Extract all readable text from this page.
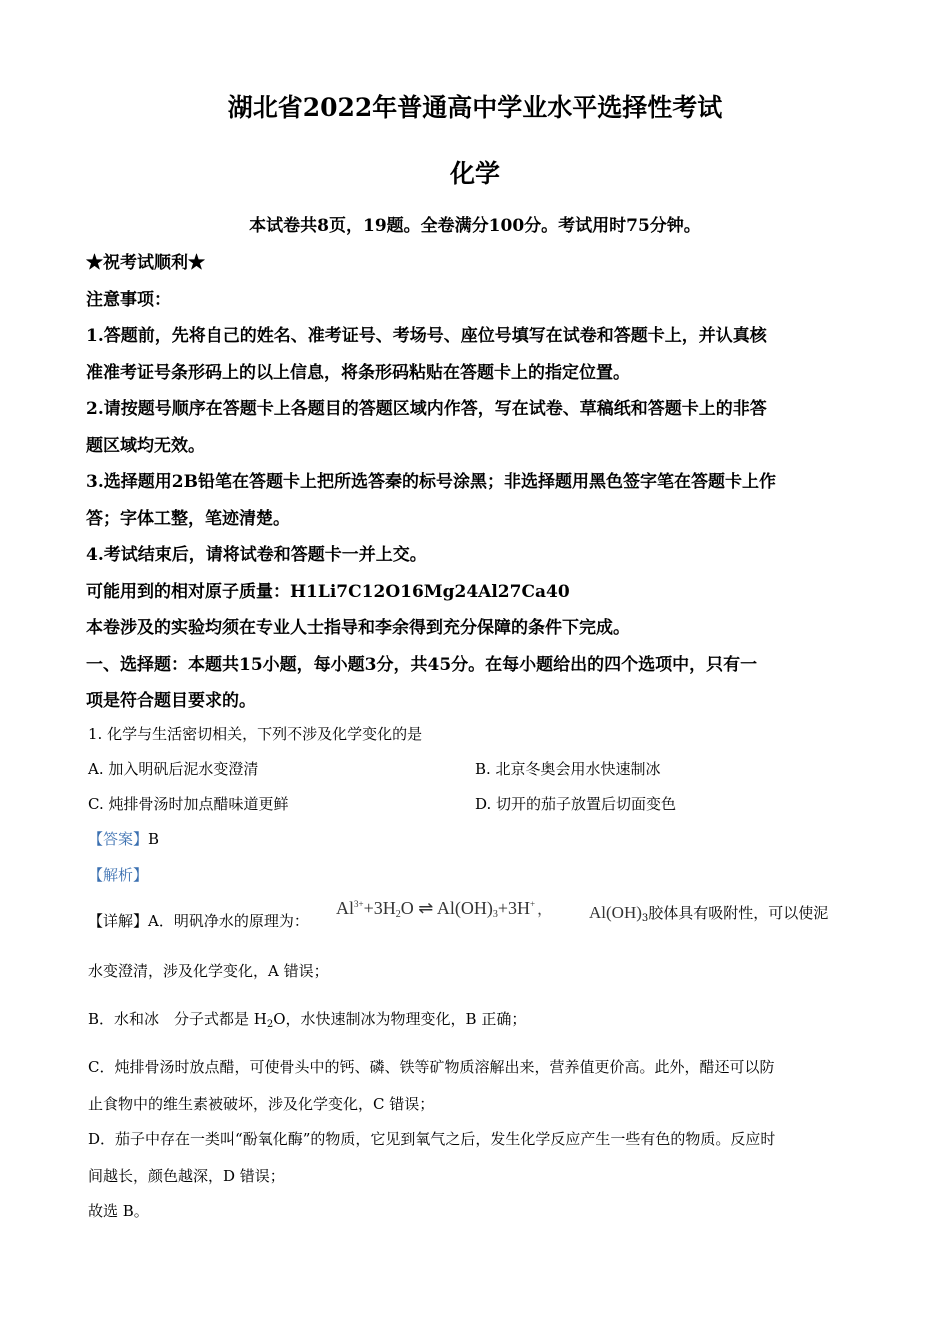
湖北省2022年普通高中学业水平选择性考试
化学
本试卷共8页，19题。全卷满分100分。考试用时75分钟。
★祝考试顺利★
注意事项：
1.答题前，先将自己的姓名、准考证号、考场号、座位号填写在试卷和答题卡上，并认真核
准准考证号条形码上的以上信息，将条形码粘贴在答题卡上的指定位置。
2.请按题号顺序在答题卡上各题目的答题区域内作答，写在试卷、草稿纸和答题卡上的非答
题区域均无效。
3.选择题用2B铅笔在答题卡上把所选答秦的标号涂黑；非选择题用黑色签字笔在答题卡上作
答；字体工整，笔迹清楚。
4.考试结束后，请将试卷和答题卡一并上交。
可能用到的相对原子质量：H1Li7C12O16Mg24Al27Ca40
本卷涉及的实验均须在专业人士指导和李余得到充分保障的条件下完成。
一、选择题：本题共15小题，每小题3分，共45分。在每小题给出的四个选项中，只有一
项是符合题目要求的。
1. 化学与生活密切相关，下列不涉及化学变化的是
A. 加入明矾后泥水变澄清	B. 北京冬奥会用水快速制冰
C. 炖排骨汤时加点醋味道更鲜	D. 切开的茄子放置后切面变色
【答案】B
【解析】
【详解】A．明矾净水的原理为：
$Al^{3+}+3H_2O$ ⇌ $Al(OH)_3+3H^+$ ， $Al(OH)_3$胶体具有吸附性，可以使泥
水变澄清，涉及化学变化，A 错误；
B．水和冰　分子式都是 $H_2O$，水快速制冰为物理变化，B 正确；
C．炖排骨汤时放点醋，可使骨头中的钙、磷、铁等矿物质溶解出来，营养值更价高。此外，醋还可以防
止食物中的维生素被破坏，涉及化学变化，C 错误；
D．茄子中存在一类叫“酚氧化酶”的物质，它见到氧气之后，发生化学反应产生一些有色的物质。反应时
间越长，颜色越深，D 错误；
故选 B。
